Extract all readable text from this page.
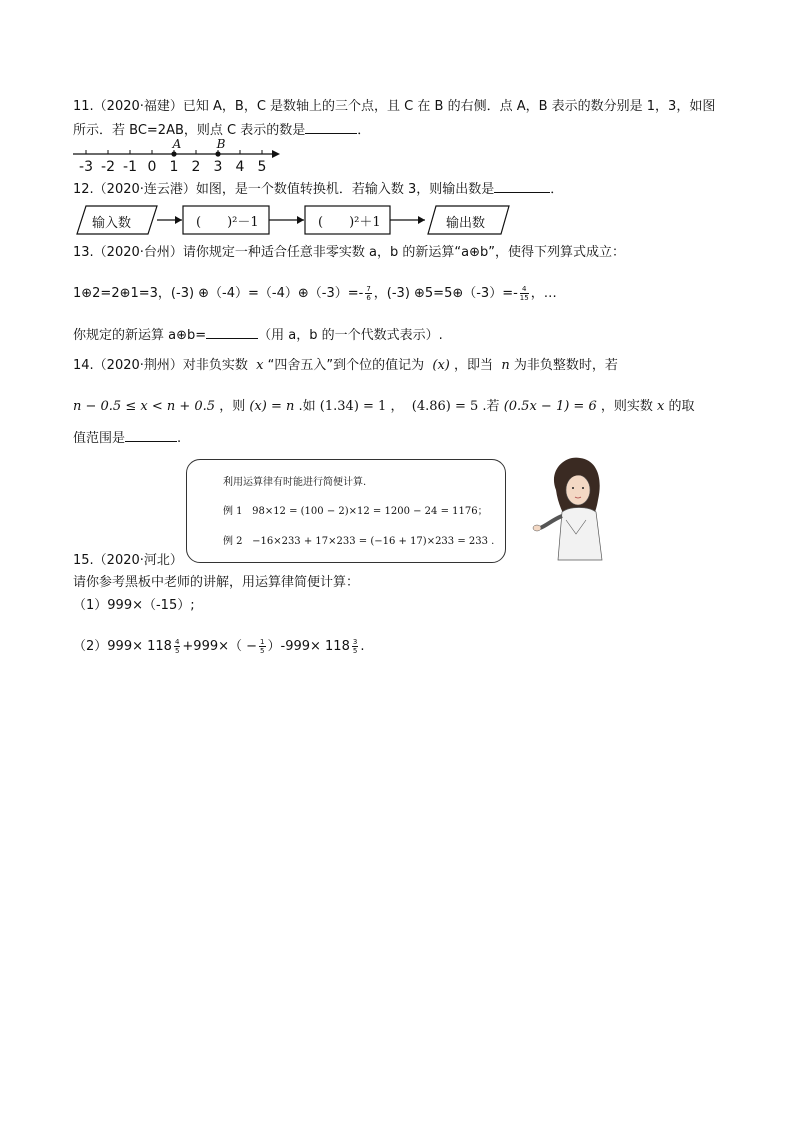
11.（2020·福建）已知 A，B，C 是数轴上的三个点，且 C 在 B 的右侧．点 A，B 表示的数分别是 1，3，如图
所示．若 BC=2AB，则点 C 表示的数是	．
-3 -2 -1 0 1 2 3 4 5
A	B
12.（2020·连云港）如图，是一个数值转换机．若输入数 3，则输出数是	．
输入数	(　　)²－1	(　　)²＋1	输出数
13.（2020·台州）请你规定一种适合任意非零实数 a，b 的新运算“a⊕b”，使得下列算式成立：
1⊕2=2⊕1=3，(-3) ⊕（-4）=（-4）⊕（-3）=- $\frac{7}{6}$ ，(-3) ⊕5=5⊕（-3）=- $\frac{4}{15}$ ，…
你规定的新运算 a⊕b=	（用 a，b 的一个代数式表示）.
14.（2020·荆州）对非负实数 x “四舍五入”到个位的值记为 (x) ，即当 n 为非负整数时，若
n − 0.5 ≤ x < n + 0.5 ，则 (x) = n .如 (1.34) = 1 ， (4.86) = 5 .若 (0.5x − 1) = 6 ，则实数 x 的取
值范围是	.
利用运算律有时能进行简便计算.
例 1 98×12 = (100 − 2)×12 = 1200 − 24 = 1176；
例 2 −16×233 + 17×233 = (−16 + 17)×233 = 233 .
15.（2020·河北）
请你参考黑板中老师的讲解，用运算律简便计算：
（1）999×（-15）;
$(2)999\times 118 \frac{4}{5} +999\times( - \frac{1}{5} )-999\times 118 \frac{3}{5}$ .
